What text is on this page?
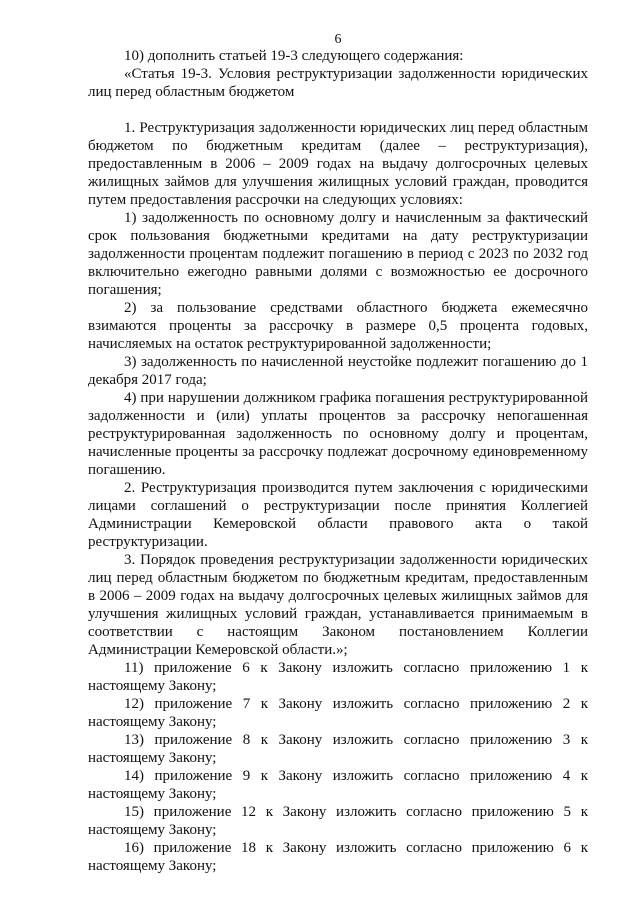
6

10) дополнить статьей 19-3 следующего содержания:

«Статья 19-3. Условия реструктуризации задолженности юридических лиц перед областным бюджетом

1. Реструктуризация задолженности юридических лиц перед областным бюджетом по бюджетным кредитам (далее – реструктуризация), предоставленным в 2006 – 2009 годах на выдачу долгосрочных целевых жилищных займов для улучшения жилищных условий граждан, проводится путем предоставления рассрочки на следующих условиях:

1) задолженность по основному долгу и начисленным за фактический срок пользования бюджетными кредитами на дату реструктуризации задолженности процентам подлежит погашению в период с 2023 по 2032 год включительно ежегодно равными долями с возможностью ее досрочного погашения;

2) за пользование средствами областного бюджета ежемесячно взимаются проценты за рассрочку в размере 0,5 процента годовых, начисляемых на остаток реструктурированной задолженности;

3) задолженность по начисленной неустойке подлежит погашению до 1 декабря 2017 года;

4) при нарушении должником графика погашения реструктурированной задолженности и (или) уплаты процентов за рассрочку непогашенная реструктурированная задолженность по основному долгу и процентам, начисленные проценты за рассрочку подлежат досрочному единовременному погашению.

2. Реструктуризация производится путем заключения с юридическими лицами соглашений о реструктуризации после принятия Коллегией Администрации Кемеровской области правового акта о такой реструктуризации.

3. Порядок проведения реструктуризации задолженности юридических лиц перед областным бюджетом по бюджетным кредитам, предоставленным в 2006 – 2009 годах на выдачу долгосрочных целевых жилищных займов для улучшения жилищных условий граждан, устанавливается принимаемым в соответствии с настоящим Законом постановлением Коллегии Администрации Кемеровской области.»;

11) приложение 6 к Закону изложить согласно приложению 1 к настоящему Закону;

12) приложение 7 к Закону изложить согласно приложению 2 к настоящему Закону;

13) приложение 8 к Закону изложить согласно приложению 3 к настоящему Закону;

14) приложение 9 к Закону изложить согласно приложению 4 к настоящему Закону;

15) приложение 12 к Закону изложить согласно приложению 5 к настоящему Закону;

16) приложение 18 к Закону изложить согласно приложению 6 к настоящему Закону;
